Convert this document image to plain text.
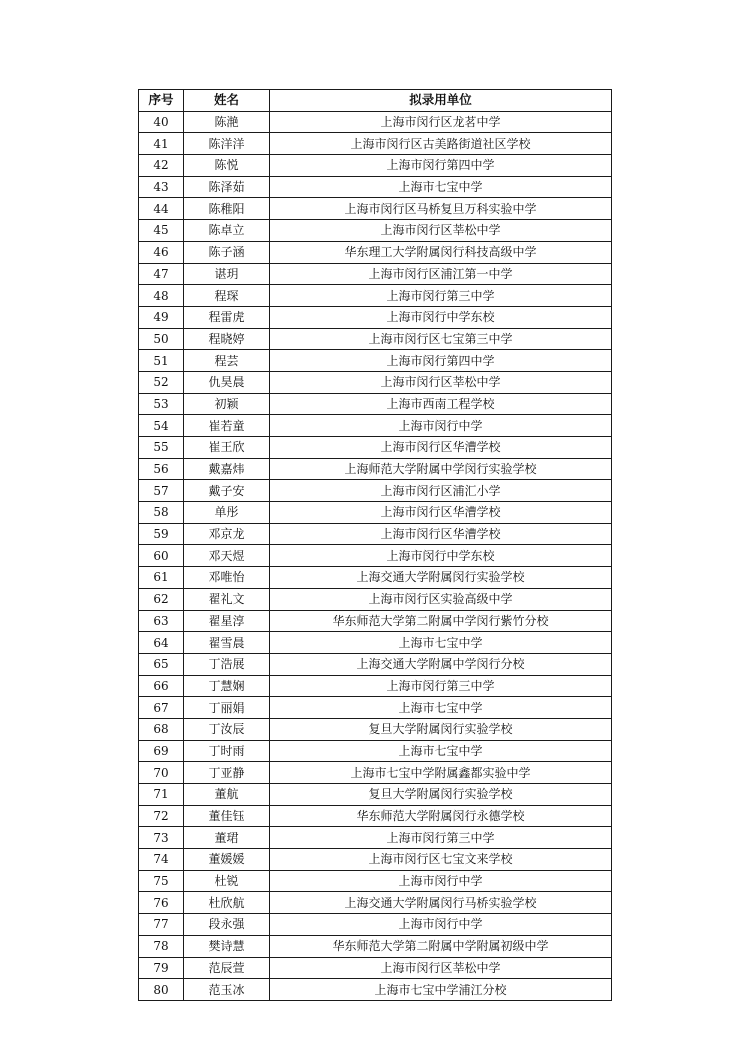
序号	姓名	拟录用单位
40	陈滟	上海市闵行区龙茗中学
41	陈洋洋	上海市闵行区古美路街道社区学校
42	陈悦	上海市闵行第四中学
43	陈泽茹	上海市七宝中学
44	陈稚阳	上海市闵行区马桥复旦万科实验中学
45	陈卓立	上海市闵行区莘松中学
46	陈子涵	华东理工大学附属闵行科技高级中学
47	谌玥	上海市闵行区浦江第一中学
48	程琛	上海市闵行第三中学
49	程雷虎	上海市闵行中学东校
50	程晓婷	上海市闵行区七宝第三中学
51	程芸	上海市闵行第四中学
52	仇昊晨	上海市闵行区莘松中学
53	初颖	上海市西南工程学校
54	崔若童	上海市闵行中学
55	崔王欣	上海市闵行区华漕学校
56	戴嘉炜	上海师范大学附属中学闵行实验学校
57	戴子安	上海市闵行区浦汇小学
58	单彤	上海市闵行区华漕学校
59	邓京龙	上海市闵行区华漕学校
60	邓天煜	上海市闵行中学东校
61	邓唯怡	上海交通大学附属闵行实验学校
62	翟礼文	上海市闵行区实验高级中学
63	翟星淳	华东师范大学第二附属中学闵行紫竹分校
64	翟雪晨	上海市七宝中学
65	丁浩展	上海交通大学附属中学闵行分校
66	丁慧娴	上海市闵行第三中学
67	丁丽娟	上海市七宝中学
68	丁汝辰	复旦大学附属闵行实验学校
69	丁时雨	上海市七宝中学
70	丁亚静	上海市七宝中学附属鑫都实验中学
71	董航	复旦大学附属闵行实验学校
72	董佳钰	华东师范大学附属闵行永德学校
73	董珺	上海市闵行第三中学
74	董媛媛	上海市闵行区七宝文来学校
75	杜锐	上海市闵行中学
76	杜欣航	上海交通大学附属闵行马桥实验学校
77	段永强	上海市闵行中学
78	樊诗慧	华东师范大学第二附属中学附属初级中学
79	范辰萱	上海市闵行区莘松中学
80	范玉冰	上海市七宝中学浦江分校
